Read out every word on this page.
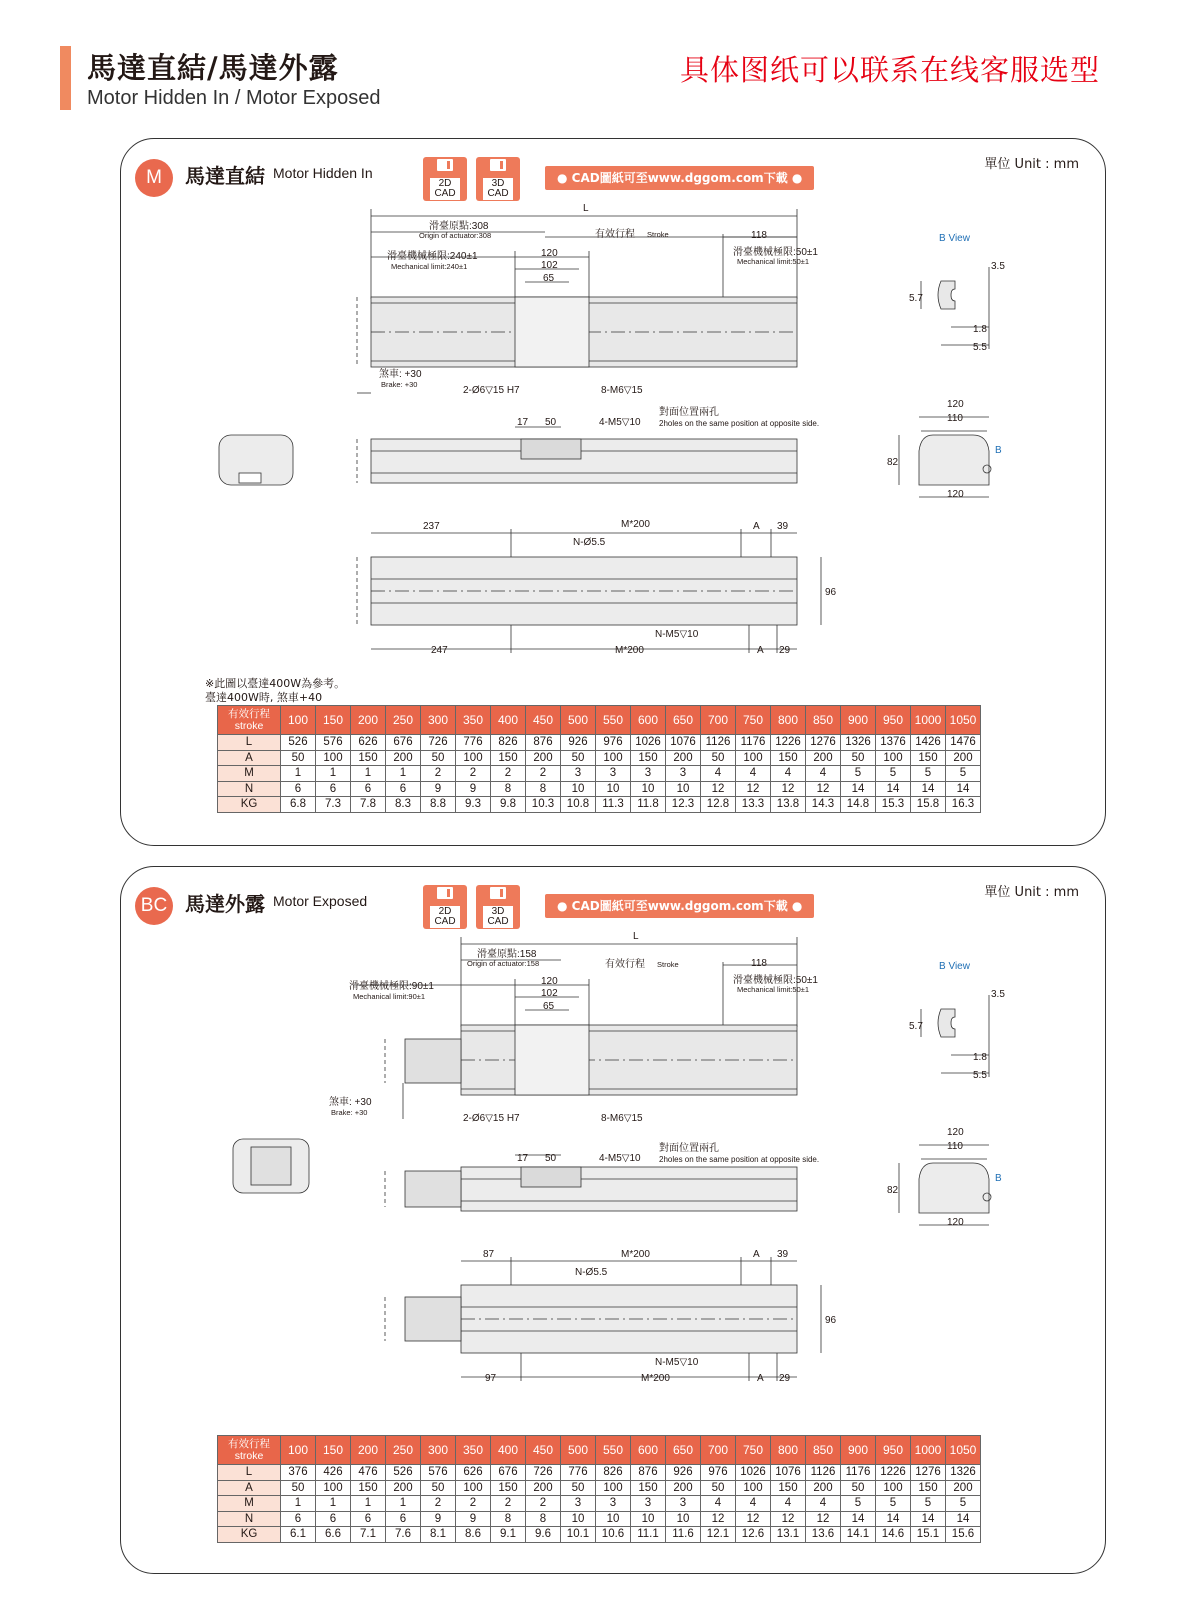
馬達直結/馬達外露
Motor Hidden In / Motor Exposed
具体图纸可以联系在线客服选型
M	馬達直結 Motor Hidden In
單位 Unit : mm
2D
CAD
3D
CAD
● CAD圖紙可至www.dggom.com下載 ●
L
滑臺原點:308
Origin of actuator:308	有效行程 Stroke	118
滑臺機械極限:50±1
Mechanical limit:50±1
滑臺機械極限:240±1
Mechanical limit:240±1
120
102
65
煞車: +30
Brake: +30
2-Ø6▽15 H7	8-M6▽15
17 50	4-M5▽10
對面位置兩孔
2holes on the same position at opposite side.
B View
3.5
5.7
1.8
5.5
120
110
82
B
120
237	M*200	A 39
N-Ø5.5
N-M5▽10
247	M*200	A 29
96
※此圖以臺達400W為參考。
臺達400W時, 煞車+40
有效行程
stroke	100	150	200	250	300	350	400	450	500	550	600	650	700	750	800	850	900	950	1000	1050
L	526	576	626	676	726	776	826	876	926	976	1026	1076	1126	1176	1226	1276	1326	1376	1426	1476
A	50	100	150	200	50	100	150	200	50	100	150	200	50	100	150	200	50	100	150	200
M	1	1	1	1	2	2	2	2	3	3	3	3	4	4	4	4	5	5	5	5
N	6	6	6	6	9	9	8	8	10	10	10	10	12	12	12	12	14	14	14	14
KG	6.8	7.3	7.8	8.3	8.8	9.3	9.8	10.3	10.8	11.3	11.8	12.3	12.8	13.3	13.8	14.3	14.8	15.3	15.8	16.3
BC 馬達外露 Motor Exposed
單位 Unit : mm
2D
CAD
3D
CAD
● CAD圖紙可至www.dggom.com下載 ●
L
滑臺原點:158
Origin of actuator:158	有效行程 Stroke	118
滑臺機械極限:50±1
Mechanical limit:50±1
滑臺機械極限:90±1
Mechanical limit:90±1
120
102
65
煞車: +30
Brake: +30
2-Ø6▽15 H7	8-M6▽15
17 50	4-M5▽10
對面位置兩孔
2holes on the same position at opposite side.
B View
3.5
5.7
1.8
5.5
120
110
82
B
120
87	M*200	A 39
N-Ø5.5
N-M5▽10
97	M*200	A 29
96
有效行程
stroke	100	150	200	250	300	350	400	450	500	550	600	650	700	750	800	850	900	950	1000	1050
L	376	426	476	526	576	626	676	726	776	826	876	926	976	1026	1076	1126	1176	1226	1276	1326
A	50	100	150	200	50	100	150	200	50	100	150	200	50	100	150	200	50	100	150	200
M	1	1	1	1	2	2	2	2	3	3	3	3	4	4	4	4	5	5	5	5
N	6	6	6	6	9	9	8	8	10	10	10	10	12	12	12	12	14	14	14	14
KG	6.1	6.6	7.1	7.6	8.1	8.6	9.1	9.6	10.1	10.6	11.1	11.6	12.1	12.6	13.1	13.6	14.1	14.6	15.1	15.6
